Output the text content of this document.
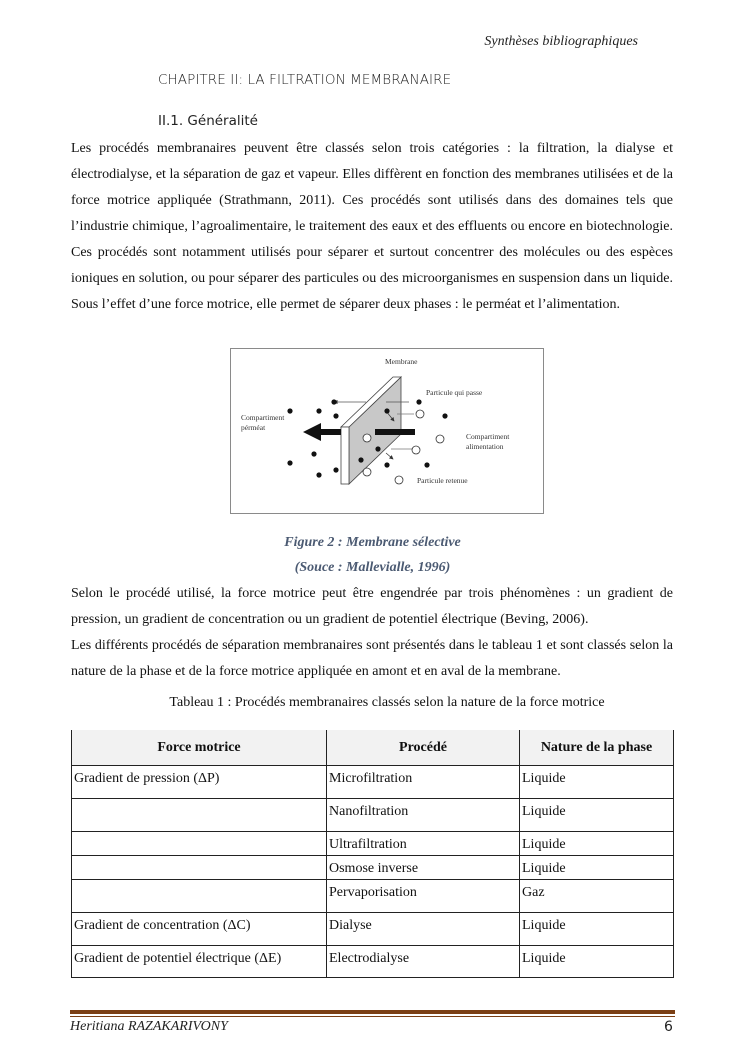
Synthèses bibliographiques
CHAPITRE II: LA FILTRATION MEMBRANAIRE
II.1. Généralité

Les procédés membranaires peuvent être classés selon trois catégories : la filtration, la dialyse et électrodialyse, et la séparation de gaz et vapeur. Elles diffèrent en fonction des membranes utilisées et de la force motrice appliquée (Strathmann, 2011). Ces procédés sont utilisés dans des domaines tels que l’industrie chimique, l’agroalimentaire, le traitement des eaux et des effluents ou encore en biotechnologie. Ces procédés sont notamment utilisés pour séparer et surtout concentrer des molécules ou des espèces ioniques en solution, ou pour séparer des particules ou des microorganismes en suspension dans un liquide. Sous l’effet d’une force motrice, elle permet de séparer deux phases : le perméat et l’alimentation.

Membrane
Particule qui passe
Compartiment
pérméat
Compartiment
alimentation
Particule retenue
Figure 2 : Membrane sélective
(Souce : Mallevialle, 1996)

Selon le procédé utilisé, la force motrice peut être engendrée par trois phénomènes : un gradient de pression, un gradient de concentration ou un gradient de potentiel électrique (Beving, 2006).

Les différents procédés de séparation membranaires sont présentés dans le tableau 1 et sont classés selon la nature de la phase et de la force motrice appliquée en amont et en aval de la membrane.

Tableau 1 : Procédés membranaires classés selon la nature de la force motrice
Force motrice	Procédé	Nature de la phase
Gradient de pression (ΔP)	Microfiltration	Liquide
	Nanofiltration	Liquide
	Ultrafiltration	Liquide
	Osmose inverse	Liquide
	Pervaporisation	Gaz
Gradient de concentration (ΔC)	Dialyse	Liquide
Gradient de potentiel électrique (ΔE)	Electrodialyse	Liquide
Heritiana RAZAKARIVONY	6
